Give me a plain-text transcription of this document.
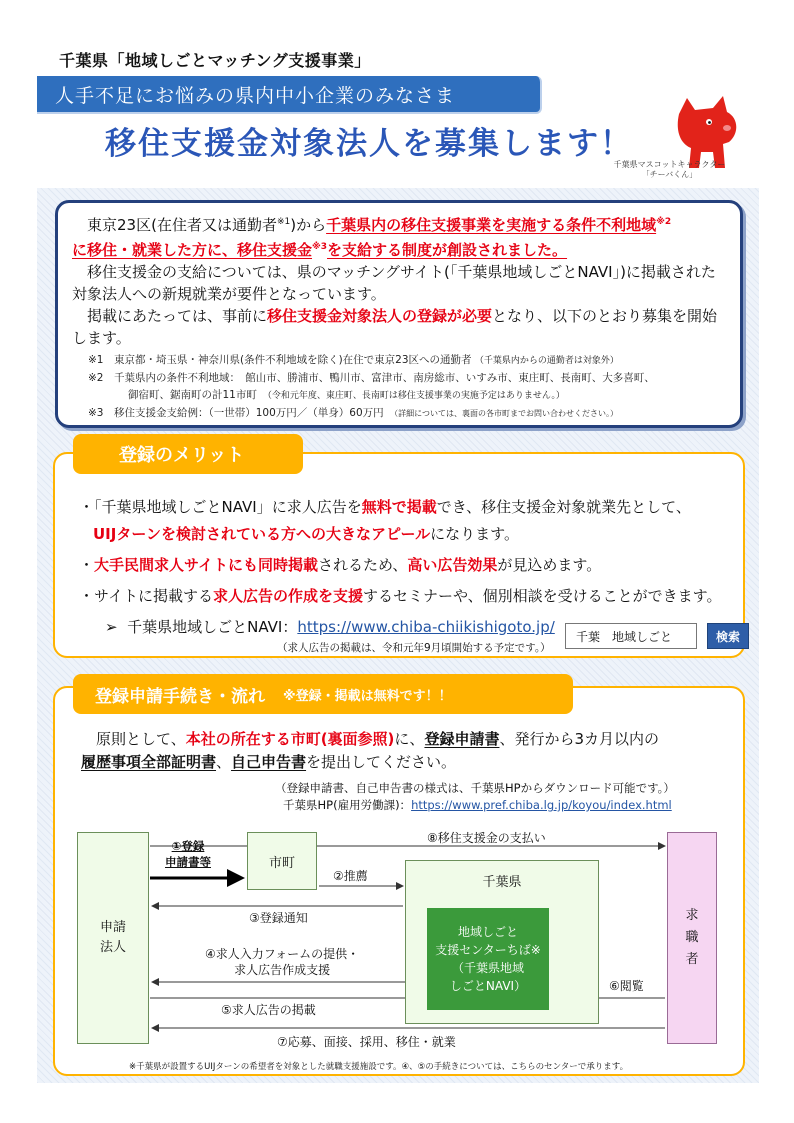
千葉県「地域しごとマッチング支援事業」
人手不足にお悩みの県内中小企業のみなさま
移住支援金対象法人を募集します！
千葉県マスコットキャラクター
「チーバくん」
東京23区(在住者又は通勤者$^{※1}$)から千葉県内の移住支援事業を実施する条件不利地域$^{※2}$
に移住・就業した方に、移住支援金$^{※3}$を支給する制度が創設されました。
移住支援金の支給については、県のマッチングサイト(「千葉県地域しごとNAVI」)に掲載された対象法人への新規就業が要件となっています。
掲載にあたっては、事前に移住支援金対象法人の登録が必要となり、以下のとおり募集を開始します。
※1　東京都・埼玉県・神奈川県(条件不利地域を除く)在住で東京23区への通勤者 （千葉県内からの通勤者は対象外）
※2　千葉県内の条件不利地域：　館山市、勝浦市、鴨川市、富津市、南房総市、いすみ市、東庄町、長南町、大多喜町、
御宿町、鋸南町の計11市町　 （令和元年度、東庄町、長南町は移住支援事業の実施予定はありません。）
※3　移住支援金支給例：（一世帯）100万円／（単身）60万円　 （詳細については、裏面の各市町までお問い合わせください。）
・「千葉県地域しごとNAVI」に求人広告を無料で掲載でき、移住支援金対象就業先として、
UIJターンを検討されている方への大きなアピールになります。
・大手民間求人サイトにも同時掲載されるため、高い広告効果が見込めます。
・サイトに掲載する求人広告の作成を支援するセミナーや、個別相談を受けることができます。
➢ 千葉県地域しごとNAVI：https://www.chiba-chiikishigoto.jp/
（求人広告の掲載は、令和元年9月頃開始する予定です。）
千葉　地域しごと	検索
登録のメリット
原則として、本社の所在する市町(裏面参照)に、登録申請書、発行から3カ月以内の
履歴事項全部証明書、自己申告書を提出してください。
（登録申請書、自己申告書の様式は、千葉県HPからダウンロード可能です。）
千葉県HP(雇用労働課)：https://www.pref.chiba.lg.jp/koyou/index.html
登録申請手続き・流れ ※登録・掲載は無料です！！
申請
法人
市町
千葉県
地域しごと
支援センターちば※
（千葉県地域
しごとNAVI）
求
職
者
⑧移住支援金の支払い
①登録
申請書等
②推薦
③登録通知
④求人入力フォームの提供・
求人広告作成支援
⑤求人広告の掲載
⑥閲覧
⑦応募、面接、採用、移住・就業
※千葉県が設置するUIJターンの希望者を対象とした就職支援施設です。④、⑤の手続きについては、こちらのセンターで承ります。
